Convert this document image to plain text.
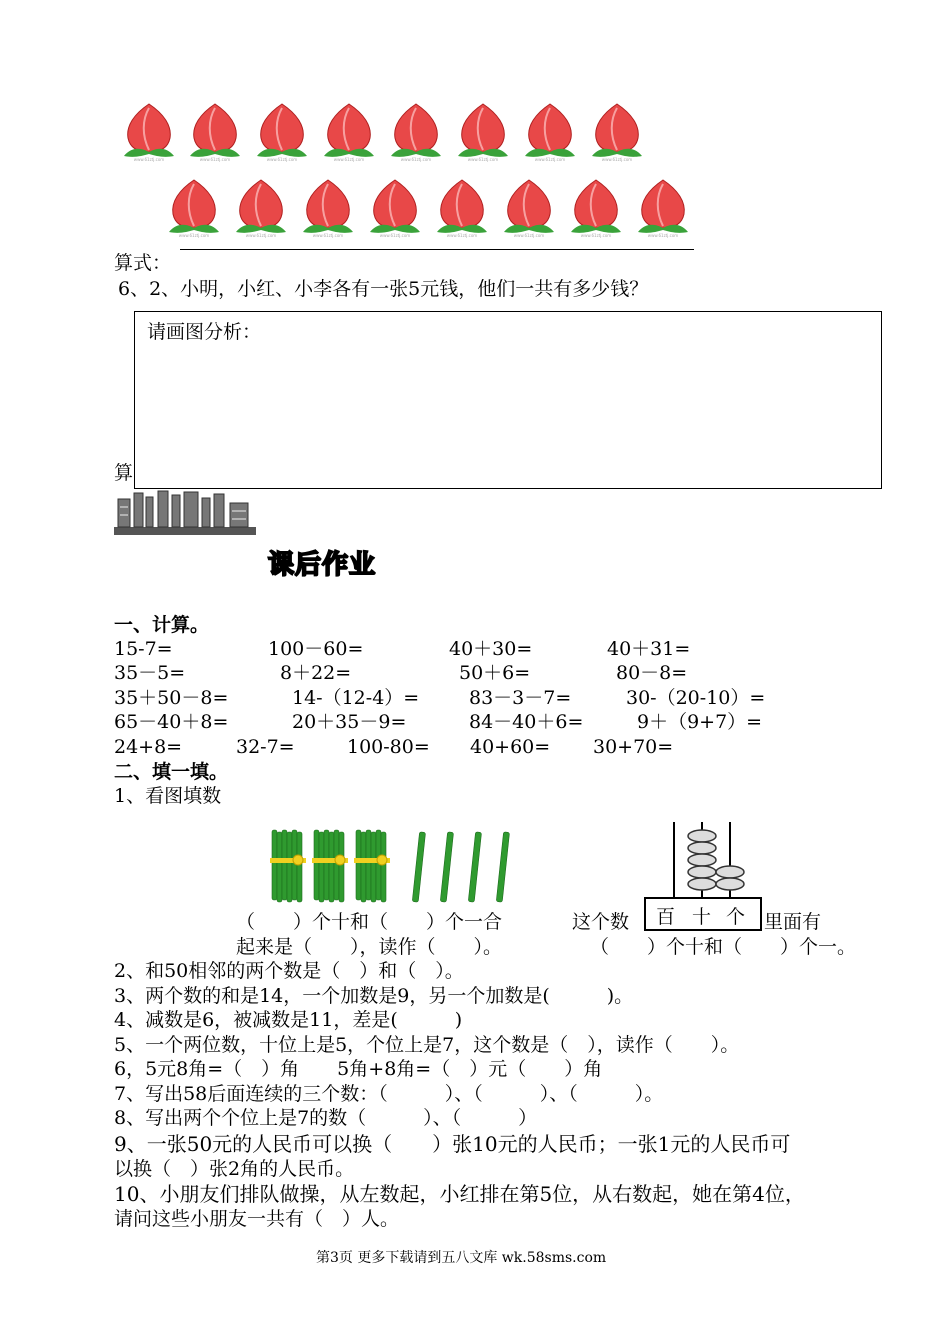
www.61ztj.com	www.61ztj.com	www.61ztj.com	www.61ztj.com	www.61ztj.com	www.61ztj.com	www.61ztj.com	www.61ztj.com
www.61ztj.com	www.61ztj.com	www.61ztj.com	www.61ztj.com	www.61ztj.com	www.61ztj.com	www.61ztj.com	www.61ztj.com
算式：
6、2、小明，小红、小李各有一张5元钱，他们一共有多少钱？
算
请画图分析：
课后作业
一、计算。
15-7=	100－60=	40＋30=	40＋31=
35－5=	8＋22=	50＋6=	80－8=
35＋50－8=	14-（12-4）=	83－3－7=	30-（20-10）=
65－40＋8=	20＋35－9=	84－40＋6=	9＋（9+7）=
24+8=	32-7=	100-80= 40+60= 30+70=
二、填一填。
1、看图填数
百 十 个
（　　）个十和（　　）个一合	这个数	里面有
起来是（　　），读作（　　）。	（　　）个十和（　　）个一。
2、和50相邻的两个数是（　）和（　）。
3、两个数的和是14，一个加数是9，另一个加数是(　　　)。
4、减数是6，被减数是11，差是(　　　)
5、一个两位数，十位上是5，个位上是7，这个数是（　），读作（　　）。
6，5元8角=（　）角　　5角+8角=（　）元（　　）角
7、写出58后面连续的三个数：（　　　）、（　　　）、（　　　）。
8、写出两个个位上是7的数（　　　）、（　　　）
9、一张50元的人民币可以换（　　）张10元的人民币；一张1元的人民币可
以换（　）张2角的人民币。
10、小朋友们排队做操，从左数起，小红排在第5位，从右数起，她在第4位，
请问这些小朋友一共有（　）人。
第3页 更多下载请到五八文库 wk.58sms.com
